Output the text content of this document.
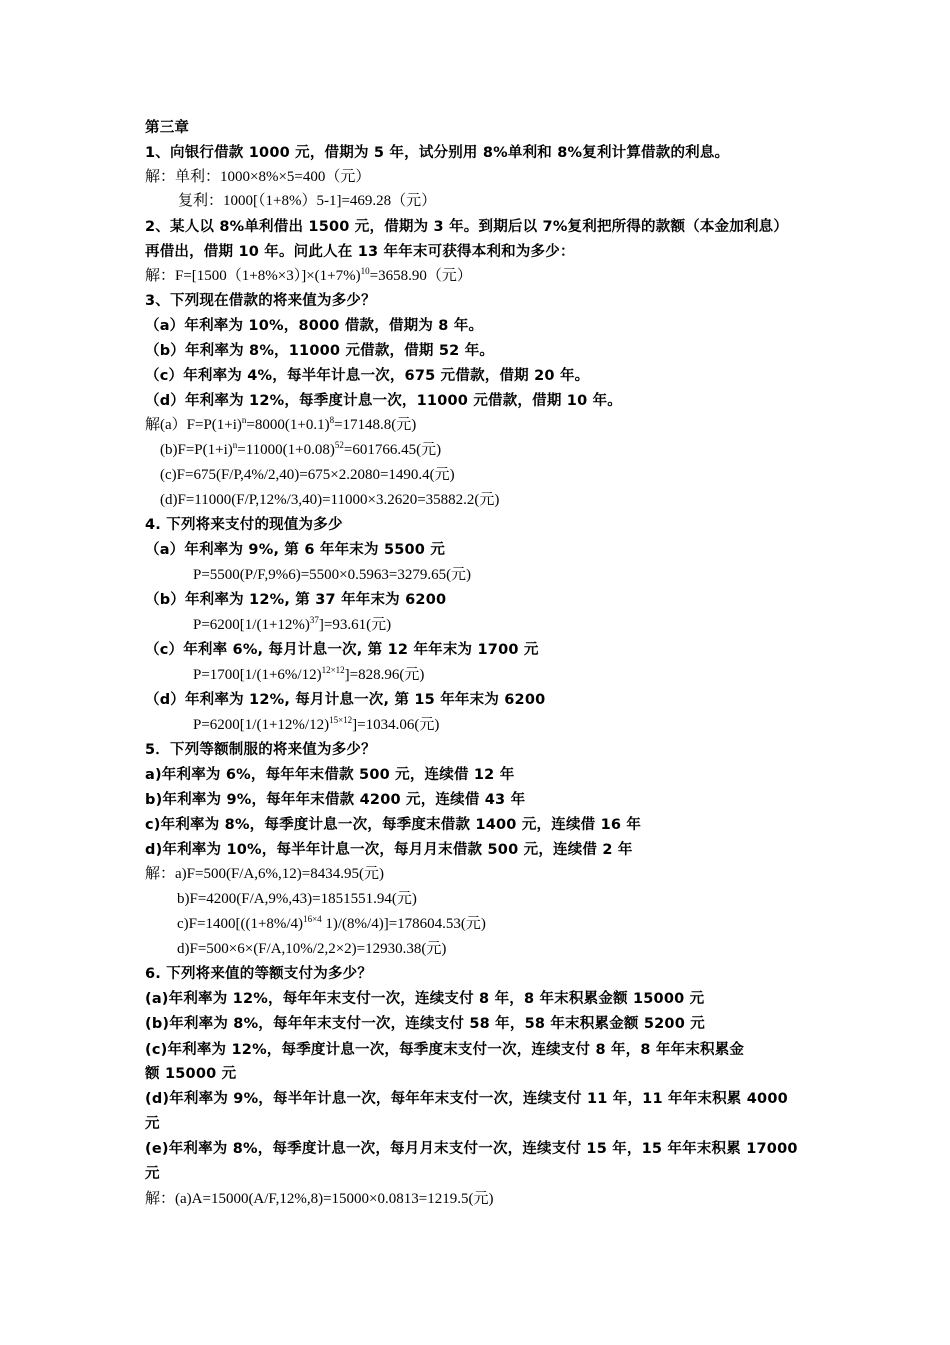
第三章
1、向银行借款 1000 元，借期为 5 年，试分别用 8%单利和 8%复利计算借款的利息。
解：单利：1000×8%×5=400（元）
复利：1000[（1+8%）5-1]=469.28（元）
2、某人以 8%单利借出 1500 元，借期为 3 年。到期后以 7%复利把所得的款额（本金加利息）
再借出，借期 10 年。问此人在 13 年年末可获得本利和为多少：
解：$F=[1500(1+8\%\times 3)]\times(1+7\%)^{10}=3658.90$（元）
3、下列现在借款的将来值为多少？
（a）年利率为 10%，8000 借款，借期为 8 年。
（b）年利率为 8%，11000 元借款，借期 52 年。
（c）年利率为 4%，每半年计息一次，675 元借款，借期 20 年。
（d）年利率为 12%，每季度计息一次，11000 元借款，借期 10 年。
解$(a)F=P(1+i)^n=8000(1+0.1)^8=17148.8$(元)
$(b)F=P(1+i)^n=11000(1+0.08)^{52}=601766.45$(元)
(c)F=675(F/P,4%/2,40)=675×2.2080=1490.4(元)
(d)F=11000(F/P,12%/3,40)=11000×3.2620=35882.2(元)
4. 下列将来支付的现值为多少
（a）年利率为 9%, 第 6 年年末为 5500 元
P=5500(P/F,9%6)=5500×0.5963=3279.65(元)
（b）年利率为 12%, 第 37 年年末为 6200
$P=6200[1/(1+12\%)^{37}]=93.61$(元)
（c）年利率 6%, 每月计息一次, 第 12 年年末为 1700 元
$P=1700[1/(1+6\%/12)^{12\times 12}]=828.96$(元)
（d）年利率为 12%, 每月计息一次, 第 15 年年末为 6200
$P=6200[1/(1+12\%/12)^{15\times 12}]=1034.06$(元)
5．下列等额制服的将来值为多少？
a)年利率为 6%，每年年末借款 500 元，连续借 12 年
b)年利率为 9%，每年年末借款 4200 元，连续借 43 年
c)年利率为 8%，每季度计息一次，每季度末借款 1400 元，连续借 16 年
d)年利率为 10%，每半年计息一次，每月月末借款 500 元，连续借 2 年
解：a)F=500(F/A,6%,12)=8434.95(元)
b)F=4200(F/A,9%,43)=1851551.94(元)
$c)F=1400[((1+8\%/4)^{16\times 4}$ 1)/(8%/4)]=178604.53(元)
d)F=500×6×(F/A,10%/2,2×2)=12930.38(元)
6. 下列将来值的等额支付为多少？
(a)年利率为 12%，每年年末支付一次，连续支付 8 年，8 年末积累金额 15000 元
(b)年利率为 8%，每年年末支付一次，连续支付 58 年，58 年末积累金额 5200 元
(c)年利率为 12%，每季度计息一次，每季度末支付一次，连续支付 8 年，8 年年末积累金
额 15000 元
(d)年利率为 9%，每半年计息一次，每年年末支付一次，连续支付 11 年，11 年年末积累 4000
元
(e)年利率为 8%，每季度计息一次，每月月末支付一次，连续支付 15 年，15 年年末积累 17000
元
解：(a)A=15000(A/F,12%,8)=15000×0.0813=1219.5(元)
